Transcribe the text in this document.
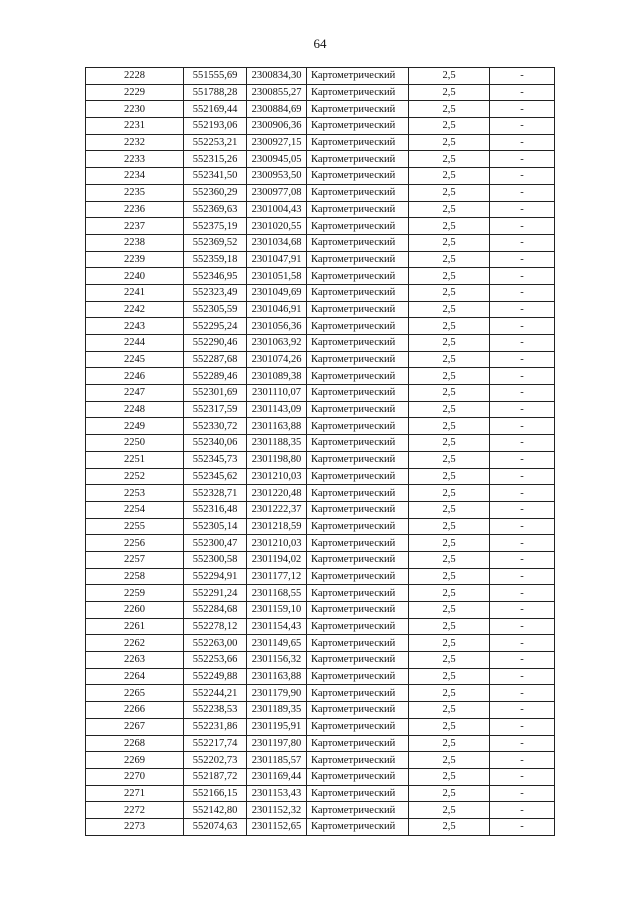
64
2228	551555,69	2300834,30	Картометрический	2,5	-
2229	551788,28	2300855,27	Картометрический	2,5	-
2230	552169,44	2300884,69	Картометрический	2,5	-
2231	552193,06	2300906,36	Картометрический	2,5	-
2232	552253,21	2300927,15	Картометрический	2,5	-
2233	552315,26	2300945,05	Картометрический	2,5	-
2234	552341,50	2300953,50	Картометрический	2,5	-
2235	552360,29	2300977,08	Картометрический	2,5	-
2236	552369,63	2301004,43	Картометрический	2,5	-
2237	552375,19	2301020,55	Картометрический	2,5	-
2238	552369,52	2301034,68	Картометрический	2,5	-
2239	552359,18	2301047,91	Картометрический	2,5	-
2240	552346,95	2301051,58	Картометрический	2,5	-
2241	552323,49	2301049,69	Картометрический	2,5	-
2242	552305,59	2301046,91	Картометрический	2,5	-
2243	552295,24	2301056,36	Картометрический	2,5	-
2244	552290,46	2301063,92	Картометрический	2,5	-
2245	552287,68	2301074,26	Картометрический	2,5	-
2246	552289,46	2301089,38	Картометрический	2,5	-
2247	552301,69	2301110,07	Картометрический	2,5	-
2248	552317,59	2301143,09	Картометрический	2,5	-
2249	552330,72	2301163,88	Картометрический	2,5	-
2250	552340,06	2301188,35	Картометрический	2,5	-
2251	552345,73	2301198,80	Картометрический	2,5	-
2252	552345,62	2301210,03	Картометрический	2,5	-
2253	552328,71	2301220,48	Картометрический	2,5	-
2254	552316,48	2301222,37	Картометрический	2,5	-
2255	552305,14	2301218,59	Картометрический	2,5	-
2256	552300,47	2301210,03	Картометрический	2,5	-
2257	552300,58	2301194,02	Картометрический	2,5	-
2258	552294,91	2301177,12	Картометрический	2,5	-
2259	552291,24	2301168,55	Картометрический	2,5	-
2260	552284,68	2301159,10	Картометрический	2,5	-
2261	552278,12	2301154,43	Картометрический	2,5	-
2262	552263,00	2301149,65	Картометрический	2,5	-
2263	552253,66	2301156,32	Картометрический	2,5	-
2264	552249,88	2301163,88	Картометрический	2,5	-
2265	552244,21	2301179,90	Картометрический	2,5	-
2266	552238,53	2301189,35	Картометрический	2,5	-
2267	552231,86	2301195,91	Картометрический	2,5	-
2268	552217,74	2301197,80	Картометрический	2,5	-
2269	552202,73	2301185,57	Картометрический	2,5	-
2270	552187,72	2301169,44	Картометрический	2,5	-
2271	552166,15	2301153,43	Картометрический	2,5	-
2272	552142,80	2301152,32	Картометрический	2,5	-
2273	552074,63	2301152,65	Картометрический	2,5	-
